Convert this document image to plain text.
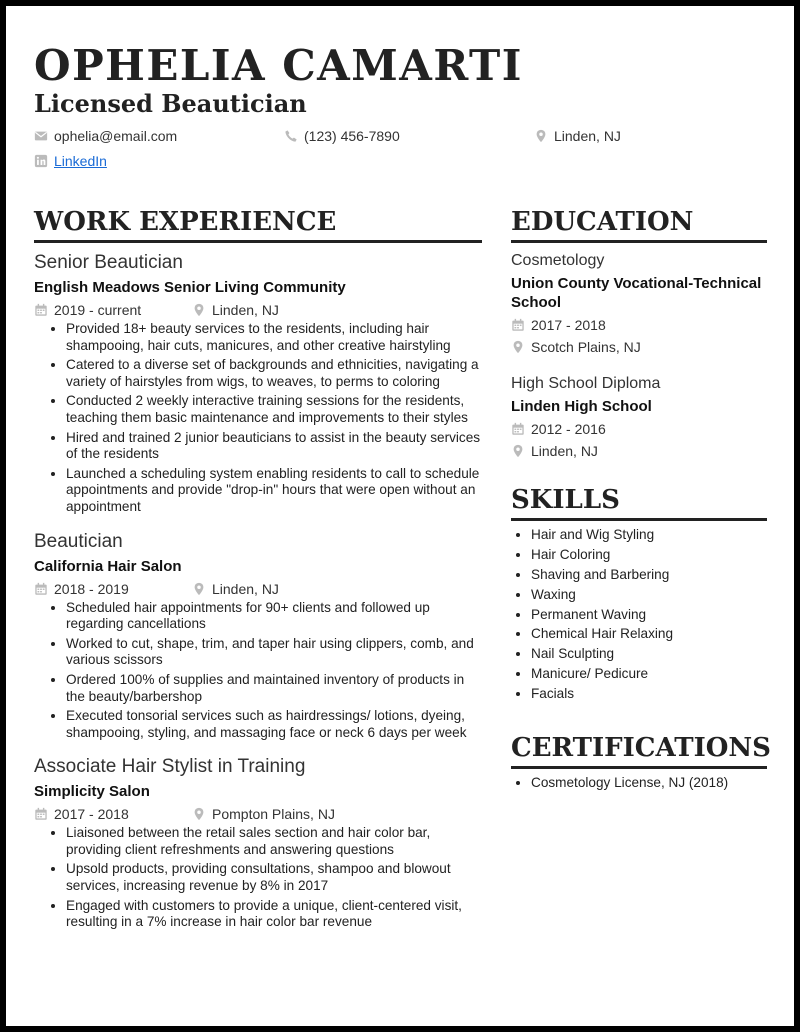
OPHELIA CAMARTI
Licensed Beautician
ophelia@email.com	(123) 456-7890	Linden, NJ
LinkedIn
WORK EXPERIENCE
Senior Beautician
English Meadows Senior Living Community
2019 - current	Linden, NJ
• Provided 18+ beauty services to the residents, including hair shampooing, hair cuts, manicures, and other creative hairstyling
• Catered to a diverse set of backgrounds and ethnicities, navigating a variety of hairstyles from wigs, to weaves, to perms to coloring
• Conducted 2 weekly interactive training sessions for the residents, teaching them basic maintenance and improvements to their styles
• Hired and trained 2 junior beauticians to assist in the beauty services of the residents
• Launched a scheduling system enabling residents to call to schedule appointments and provide "drop-in" hours that were open without an appointment
Beautician
California Hair Salon
2018 - 2019	Linden, NJ
• Scheduled hair appointments for 90+ clients and followed up regarding cancellations
• Worked to cut, shape, trim, and taper hair using clippers, comb, and various scissors
• Ordered 100% of supplies and maintained inventory of products in the beauty/barbershop
• Executed tonsorial services such as hairdressings/ lotions, dyeing, shampooing, styling, and massaging face or neck 6 days per week
Associate Hair Stylist in Training
Simplicity Salon
2017 - 2018	Pompton Plains, NJ
• Liaisoned between the retail sales section and hair color bar, providing client refreshments and answering questions
• Upsold products, providing consultations, shampoo and blowout services, increasing revenue by 8% in 2017
• Engaged with customers to provide a unique, client-centered visit, resulting in a 7% increase in hair color bar revenue
EDUCATION
Cosmetology
Union County Vocational-Technical School
2017 - 2018
Scotch Plains, NJ
High School Diploma
Linden High School
2012 - 2016
Linden, NJ
SKILLS
• Hair and Wig Styling
• Hair Coloring
• Shaving and Barbering
• Waxing
• Permanent Waving
• Chemical Hair Relaxing
• Nail Sculpting
• Manicure/ Pedicure
• Facials
CERTIFICATIONS
• Cosmetology License, NJ (2018)
